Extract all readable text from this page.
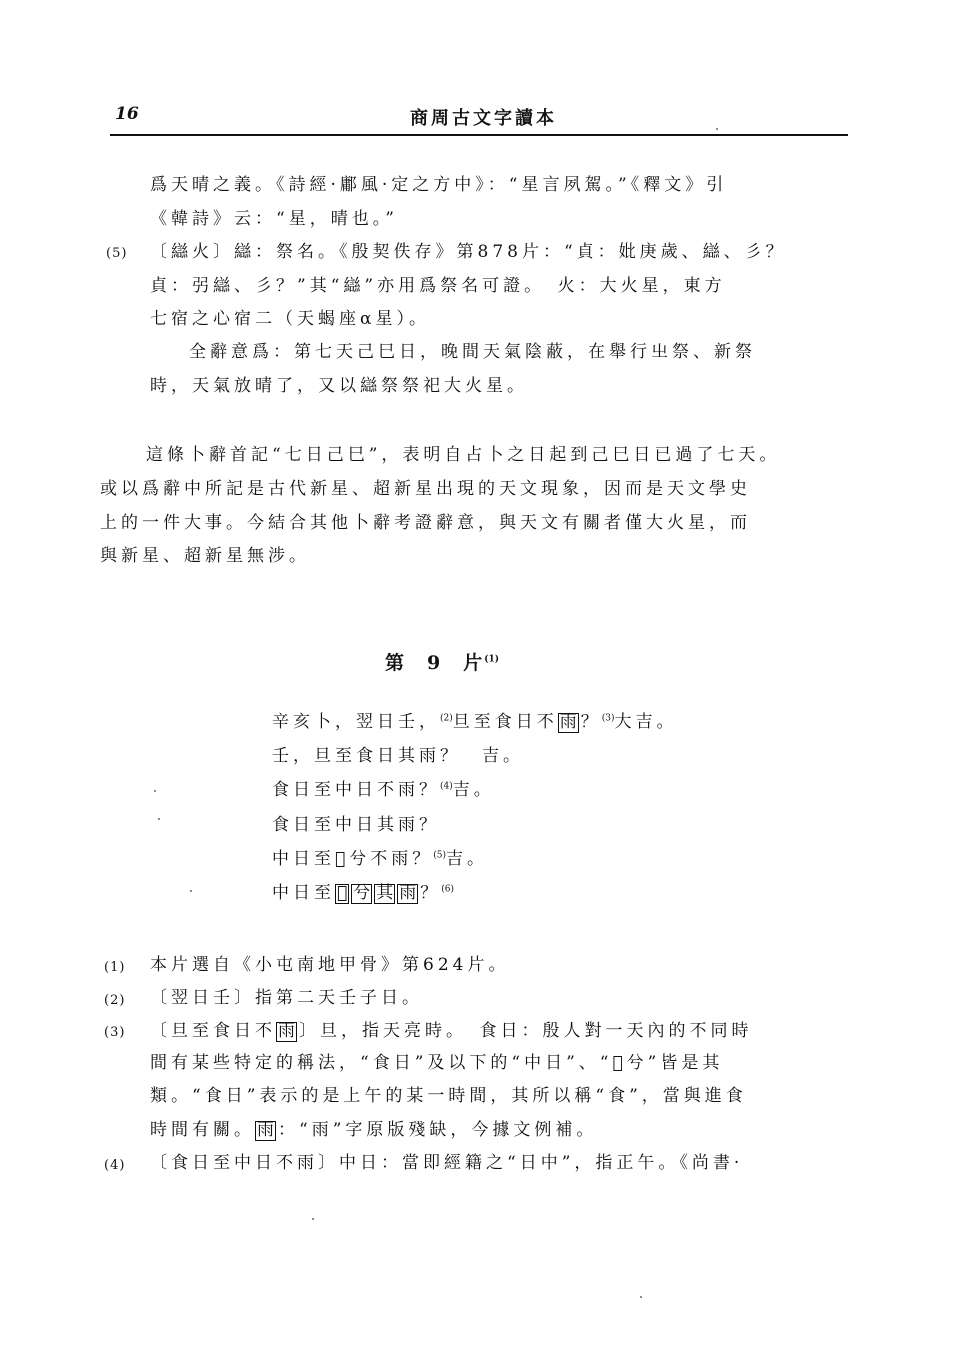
16	商周古文字讀本
爲天晴之義。《詩經·鄘風·定之方中》：“星言夙駕。”《釋文》引
《韓詩》云：“星，晴也。”
(5) 〔䜌火〕䜌：祭名。《殷契佚存》第878片：“貞：妣庚歲、䜌、彡？
貞：弜䜌、彡？”其“䜌”亦用爲祭名可證。　火：大火星，東方
七宿之心宿二（天蝎座α星）。
　全辭意爲：第七天己巳日，晚間天氣陰蔽，在舉行㞢祭、新祭
時，天氣放晴了，又以䜌祭祭祀大火星。
這條卜辭首記“七日己巳”，表明自占卜之日起到己巳日已過了七天。
或以爲辭中所記是古代新星、超新星出現的天文現象，因而是天文學史
上的一件大事。今結合其他卜辭考證辭意，與天文有關者僅大火星，而
與新星、超新星無涉。
第　9　片$^{(1)}$
辛亥卜，翌日壬，$^{(2)}$旦至食日不 雨 ？$^{(3)}$大吉。
壬，旦至食日其雨？　吉。
食日至中日不雨？$^{(4)}$吉。
食日至中日其雨？
中日至𦎫兮不雨？$^{(5)}$吉。
中日至 𦎫 兮 其 雨 ？$^{(6)}$
(1) 本片選自《小屯南地甲骨》第624片。
(2) 〔翌日壬〕指第二天壬子日。
(3) 〔旦至食日不 雨 〕旦，指天亮時。　食日：殷人對一天內的不同時
間有某些特定的稱法，“食日”及以下的“中日”、“𦎫兮”皆是其
類。“食日”表示的是上午的某一時間，其所以稱“食”，當與進食
時間有關。 雨 ：“雨”字原版殘缺，今據文例補。
(4) 〔食日至中日不雨〕中日：當即經籍之“日中”，指正午。《尚書·
